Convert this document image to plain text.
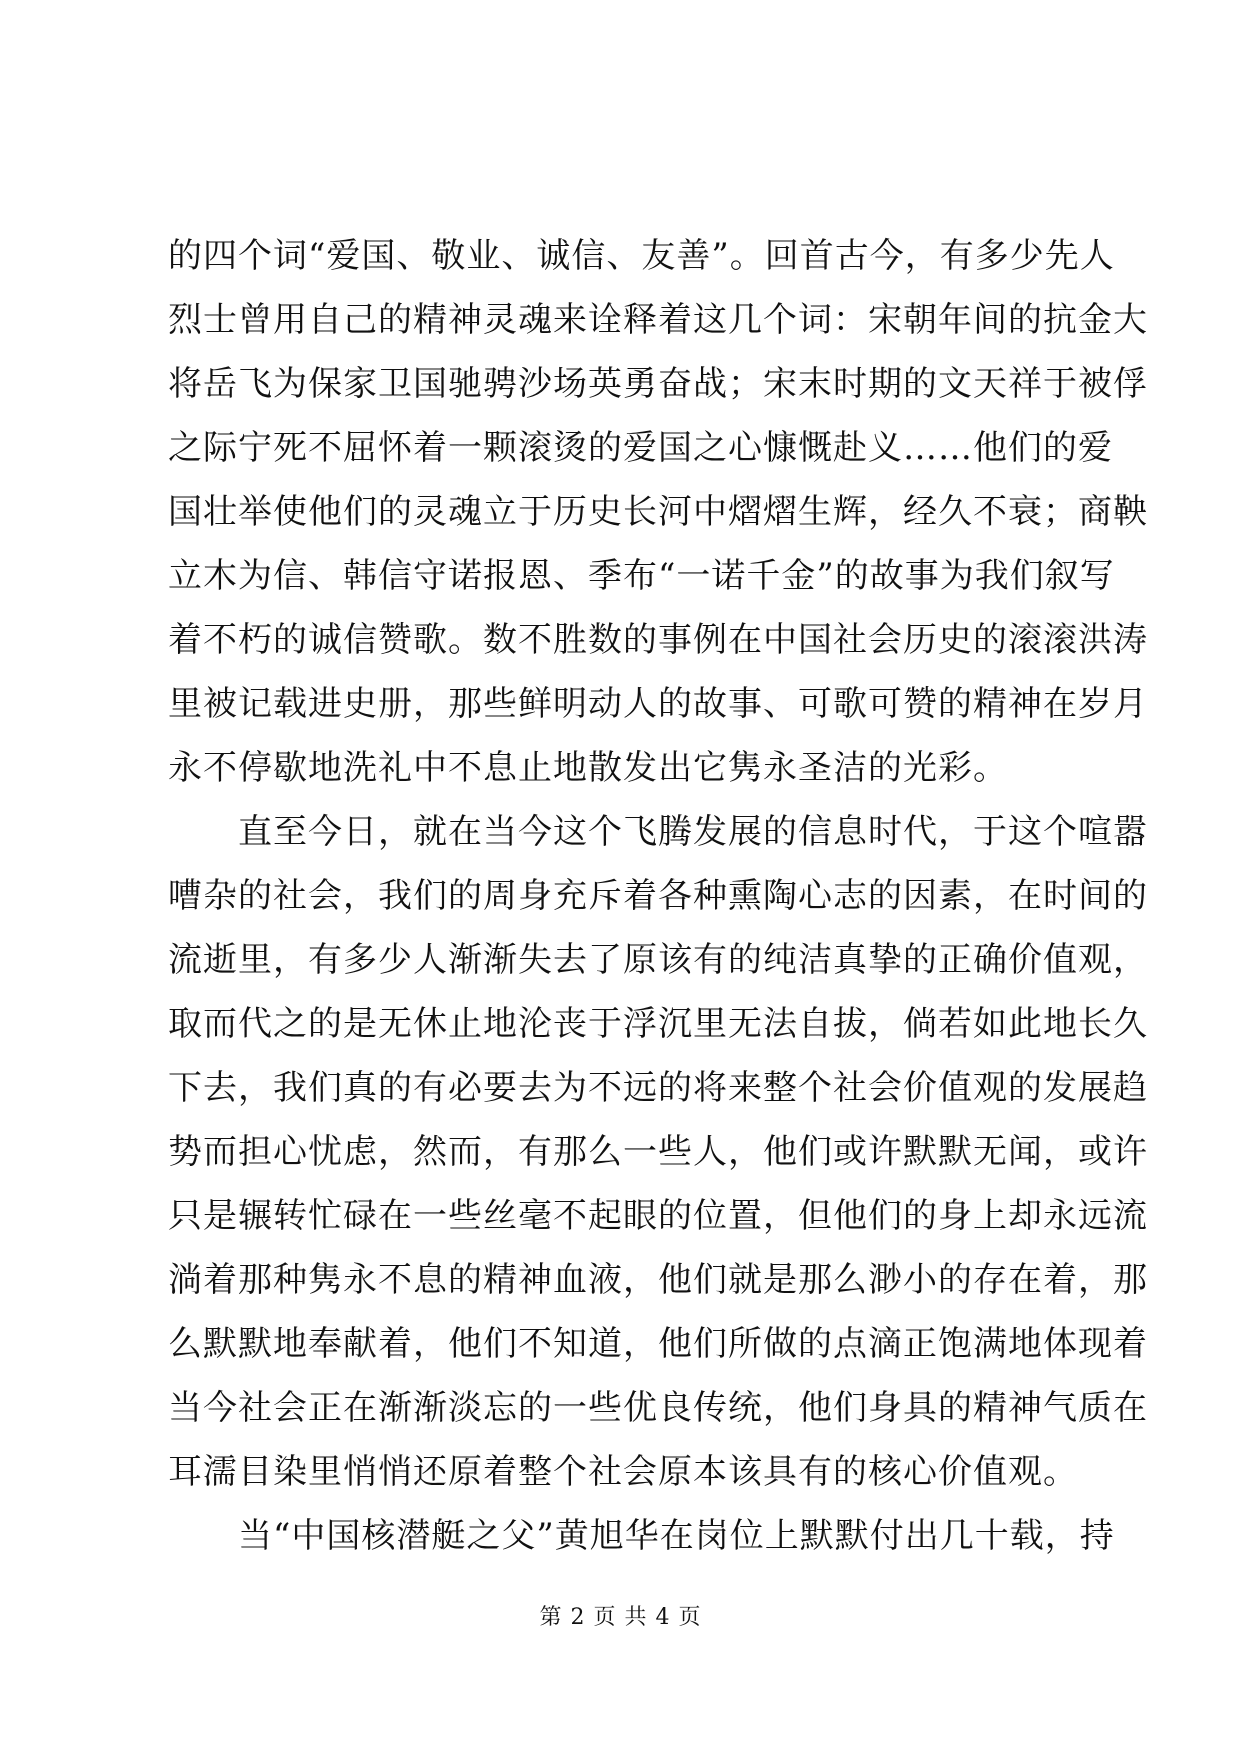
的四个词“爱国、敬业、诚信、友善”。回首古今，有多少先人
烈士曾用自己的精神灵魂来诠释着这几个词：宋朝年间的抗金大
将岳飞为保家卫国驰骋沙场英勇奋战；宋末时期的文天祥于被俘
之际宁死不屈怀着一颗滚烫的爱国之心慷慨赴义……他们的爱
国壮举使他们的灵魂立于历史长河中熠熠生辉，经久不衰；商鞅
立木为信、韩信守诺报恩、季布“一诺千金”的故事为我们叙写
着不朽的诚信赞歌。数不胜数的事例在中国社会历史的滚滚洪涛
里被记载进史册，那些鲜明动人的故事、可歌可赞的精神在岁月
永不停歇地洗礼中不息止地散发出它隽永圣洁的光彩。
　　直至今日，就在当今这个飞腾发展的信息时代，于这个喧嚣
嘈杂的社会，我们的周身充斥着各种熏陶心志的因素，在时间的
流逝里，有多少人渐渐失去了原该有的纯洁真挚的正确价值观，
取而代之的是无休止地沦丧于浮沉里无法自拔，倘若如此地长久
下去，我们真的有必要去为不远的将来整个社会价值观的发展趋
势而担心忧虑，然而，有那么一些人，他们或许默默无闻，或许
只是辗转忙碌在一些丝毫不起眼的位置，但他们的身上却永远流
淌着那种隽永不息的精神血液，他们就是那么渺小的存在着，那
么默默地奉献着，他们不知道，他们所做的点滴正饱满地体现着
当今社会正在渐渐淡忘的一些优良传统，他们身具的精神气质在
耳濡目染里悄悄还原着整个社会原本该具有的核心价值观。
　　当“中国核潜艇之父”黄旭华在岗位上默默付出几十载，持
第 2 页 共 4 页
